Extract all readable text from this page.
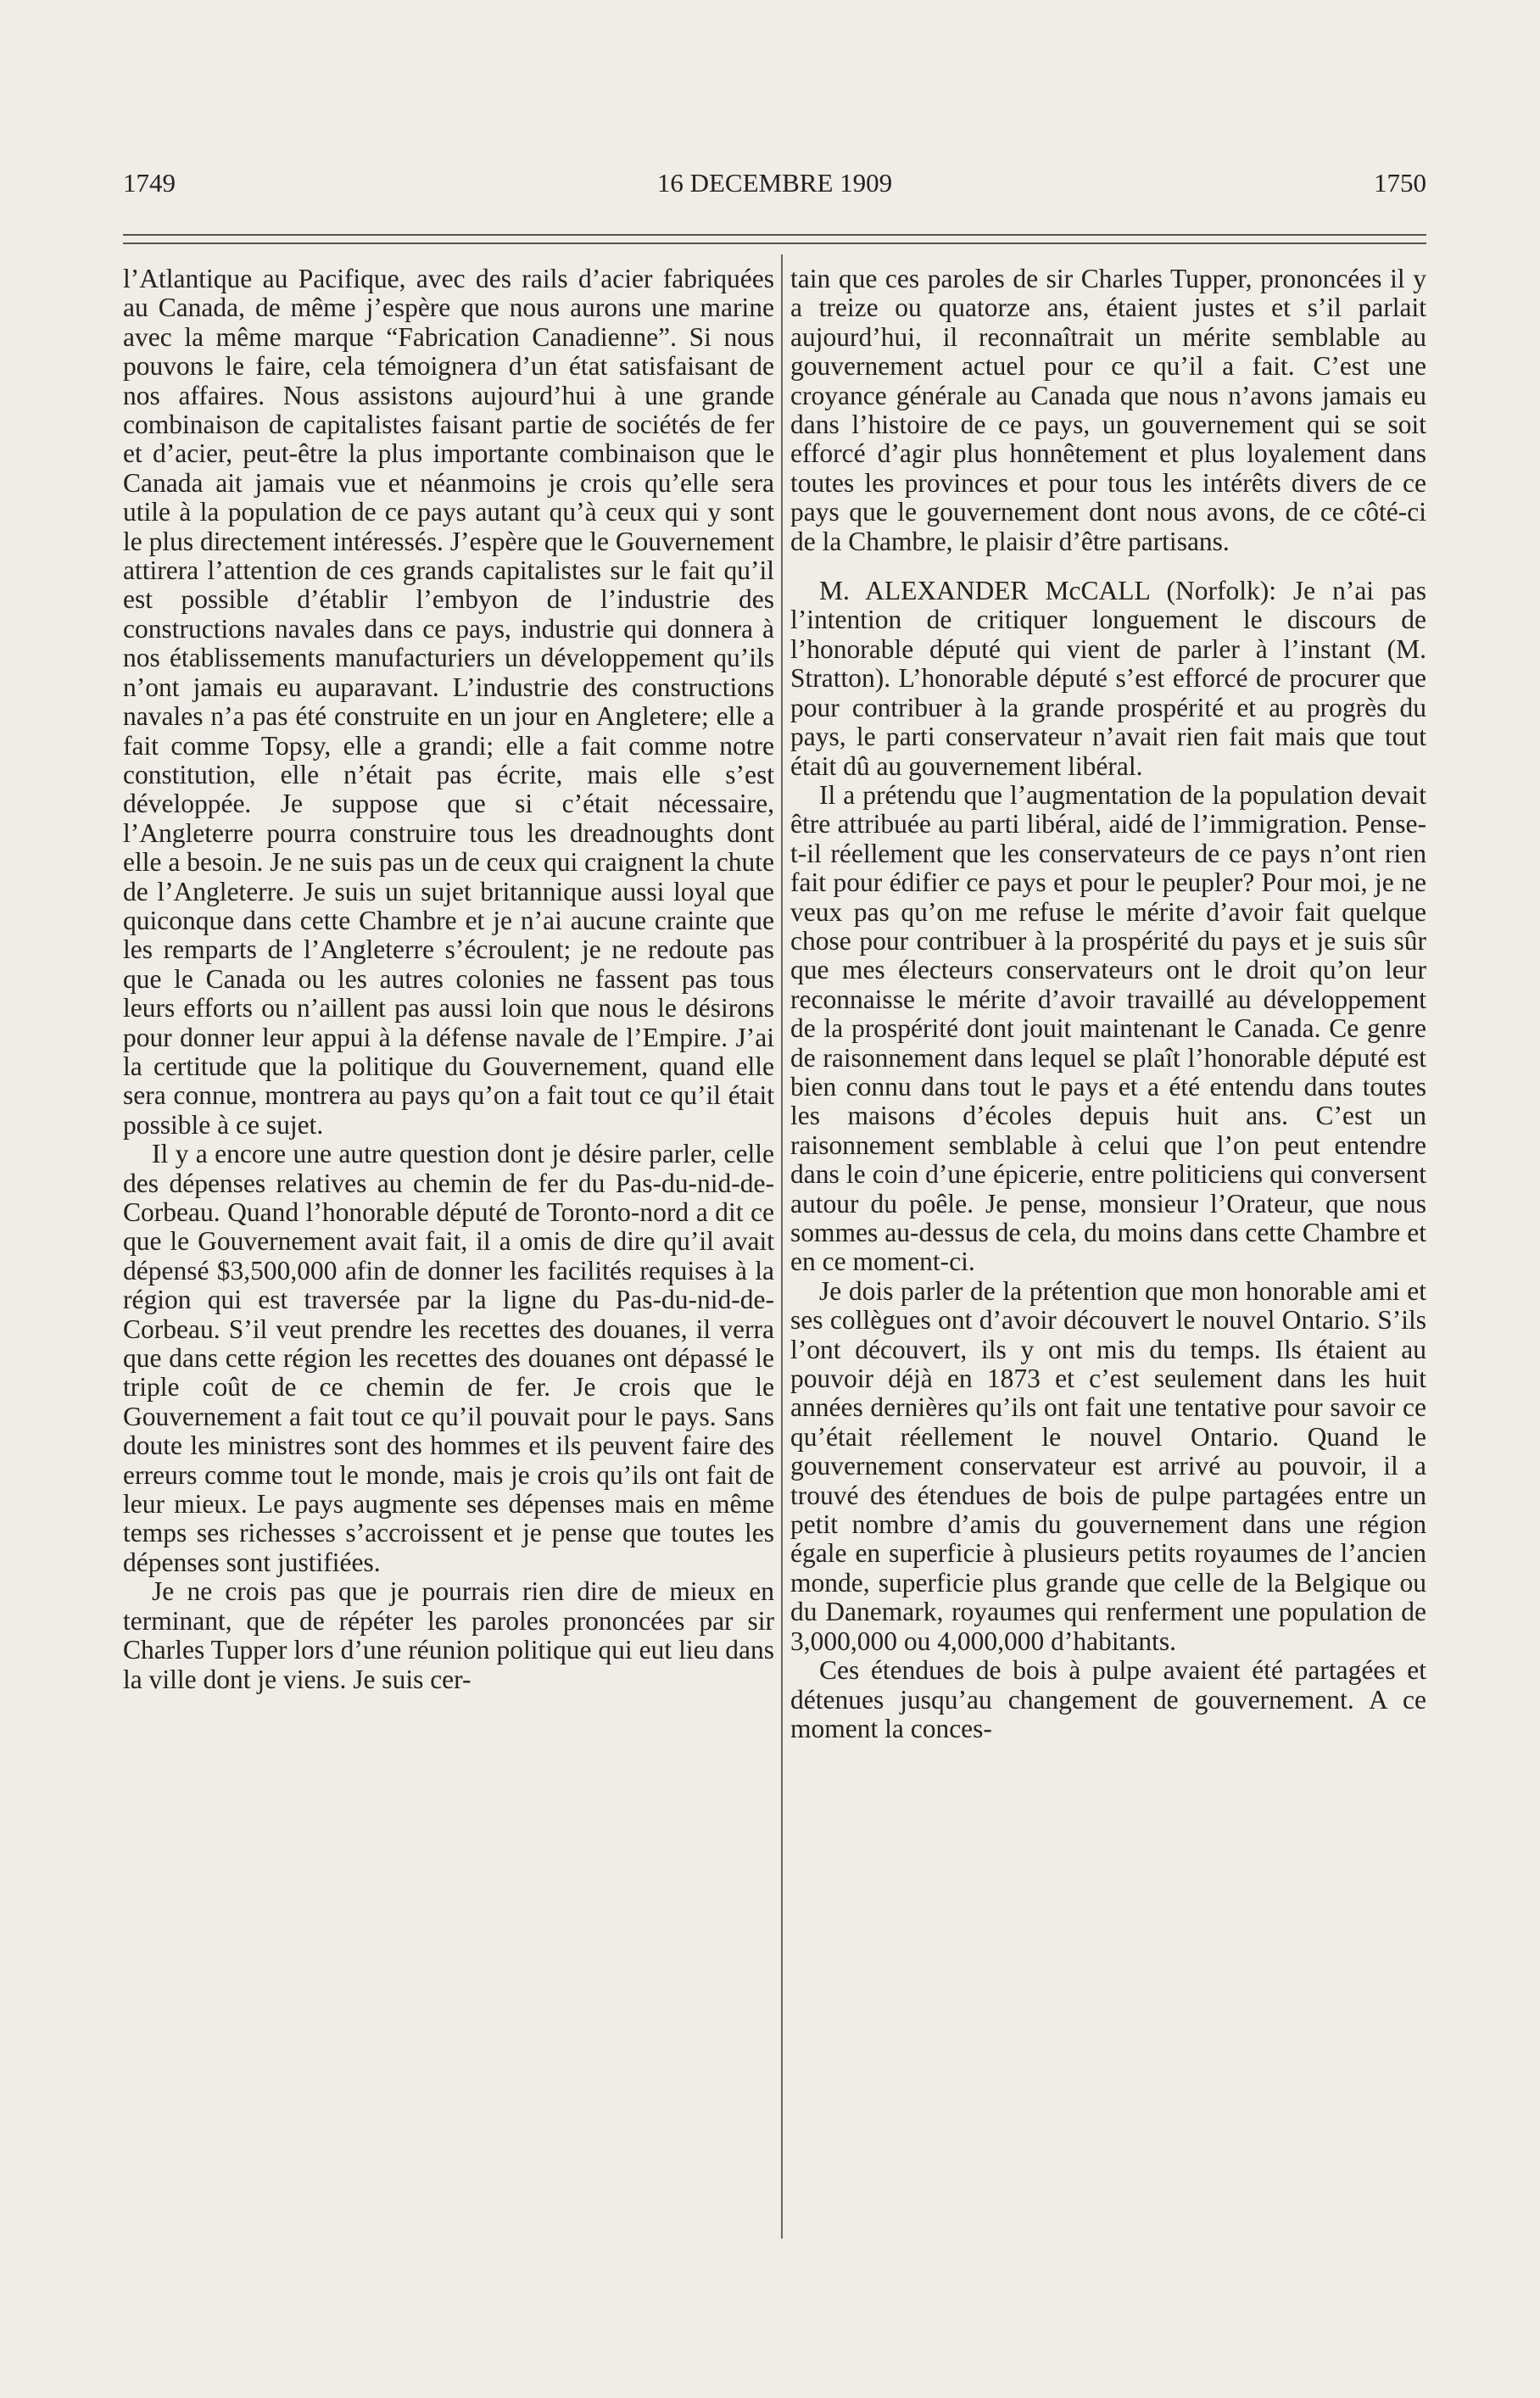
1749	16 DECEMBRE 1909	1750

l’Atlantique au Pacifique, avec des rails d’acier fabriquées au Canada, de même j’espère que nous aurons une marine avec la même marque “Fabrication Canadienne”. Si nous pouvons le faire, cela témoignera d’un état satisfaisant de nos affaires. Nous assistons aujourd’hui à une grande combinaison de capitalistes faisant partie de sociétés de fer et d’acier, peut-être la plus importante combinaison que le Canada ait jamais vue et néanmoins je crois qu’elle sera utile à la population de ce pays autant qu’à ceux qui y sont le plus directement intéressés. J’espère que le Gouvernement attirera l’attention de ces grands capitalistes sur le fait qu’il est possible d’établir l’embyon de l’industrie des constructions navales dans ce pays, industrie qui donnera à nos établissements manufacturiers un développement qu’ils n’ont jamais eu auparavant. L’industrie des constructions navales n’a pas été construite en un jour en Angletere; elle a fait comme Topsy, elle a grandi; elle a fait comme notre constitution, elle n’était pas écrite, mais elle s’est développée. Je suppose que si c’était nécessaire, l’Angleterre pourra construire tous les dreadnoughts dont elle a besoin. Je ne suis pas un de ceux qui craignent la chute de l’Angleterre. Je suis un sujet britannique aussi loyal que quiconque dans cette Chambre et je n’ai aucune crainte que les remparts de l’Angleterre s’écroulent; je ne redoute pas que le Canada ou les autres colonies ne fassent pas tous leurs efforts ou n’aillent pas aussi loin que nous le désirons pour donner leur appui à la défense navale de l’Empire. J’ai la certitude que la politique du Gouvernement, quand elle sera connue, montrera au pays qu’on a fait tout ce qu’il était possible à ce sujet.

Il y a encore une autre question dont je désire parler, celle des dépenses relatives au chemin de fer du Pas-du-nid-de-Corbeau. Quand l’honorable député de Toronto-nord a dit ce que le Gouvernement avait fait, il a omis de dire qu’il avait dépensé $3,500,000 afin de donner les facilités requises à la région qui est traversée par la ligne du Pas-du-nid-de-Corbeau. S’il veut prendre les recettes des douanes, il verra que dans cette région les recettes des douanes ont dépassé le triple coût de ce chemin de fer. Je crois que le Gouvernement a fait tout ce qu’il pouvait pour le pays. Sans doute les ministres sont des hommes et ils peuvent faire des erreurs comme tout le monde, mais je crois qu’ils ont fait de leur mieux. Le pays augmente ses dépenses mais en même temps ses richesses s’accroissent et je pense que toutes les dépenses sont justifiées.

Je ne crois pas que je pourrais rien dire de mieux en terminant, que de répéter les paroles prononcées par sir Charles Tupper lors d’une réunion politique qui eut lieu dans la ville dont je viens. Je suis cer-

tain que ces paroles de sir Charles Tupper, prononcées il y a treize ou quatorze ans, étaient justes et s’il parlait aujourd’hui, il reconnaîtrait un mérite semblable au gouvernement actuel pour ce qu’il a fait. C’est une croyance générale au Canada que nous n’avons jamais eu dans l’histoire de ce pays, un gouvernement qui se soit efforcé d’agir plus honnêtement et plus loyalement dans toutes les provinces et pour tous les intérêts divers de ce pays que le gouvernement dont nous avons, de ce côté-ci de la Chambre, le plaisir d’être partisans.

M. ALEXANDER McCALL (Norfolk): Je n’ai pas l’intention de critiquer longuement le discours de l’honorable député qui vient de parler à l’instant (M. Stratton). L’honorable député s’est efforcé de procurer que pour contribuer à la grande prospérité et au progrès du pays, le parti conservateur n’avait rien fait mais que tout était dû au gouvernement libéral.

Il a prétendu que l’augmentation de la population devait être attribuée au parti libéral, aidé de l’immigration. Pense-t-il réellement que les conservateurs de ce pays n’ont rien fait pour édifier ce pays et pour le peupler? Pour moi, je ne veux pas qu’on me refuse le mérite d’avoir fait quelque chose pour contribuer à la prospérité du pays et je suis sûr que mes électeurs conservateurs ont le droit qu’on leur reconnaisse le mérite d’avoir travaillé au développement de la prospérité dont jouit maintenant le Canada. Ce genre de raisonnement dans lequel se plaît l’honorable député est bien connu dans tout le pays et a été entendu dans toutes les maisons d’écoles depuis huit ans. C’est un raisonnement semblable à celui que l’on peut entendre dans le coin d’une épicerie, entre politiciens qui conversent autour du poêle. Je pense, monsieur l’Orateur, que nous sommes au-dessus de cela, du moins dans cette Chambre et en ce moment-ci.

Je dois parler de la prétention que mon honorable ami et ses collègues ont d’avoir découvert le nouvel Ontario. S’ils l’ont découvert, ils y ont mis du temps. Ils étaient au pouvoir déjà en 1873 et c’est seulement dans les huit années dernières qu’ils ont fait une tentative pour savoir ce qu’était réellement le nouvel Ontario. Quand le gouvernement conservateur est arrivé au pouvoir, il a trouvé des étendues de bois de pulpe partagées entre un petit nombre d’amis du gouvernement dans une région égale en superficie à plusieurs petits royaumes de l’ancien monde, superficie plus grande que celle de la Belgique ou du Danemark, royaumes qui renferment une population de 3,000,000 ou 4,000,000 d’habitants.

Ces étendues de bois à pulpe avaient été partagées et détenues jusqu’au changement de gouvernement. A ce moment la conces-
